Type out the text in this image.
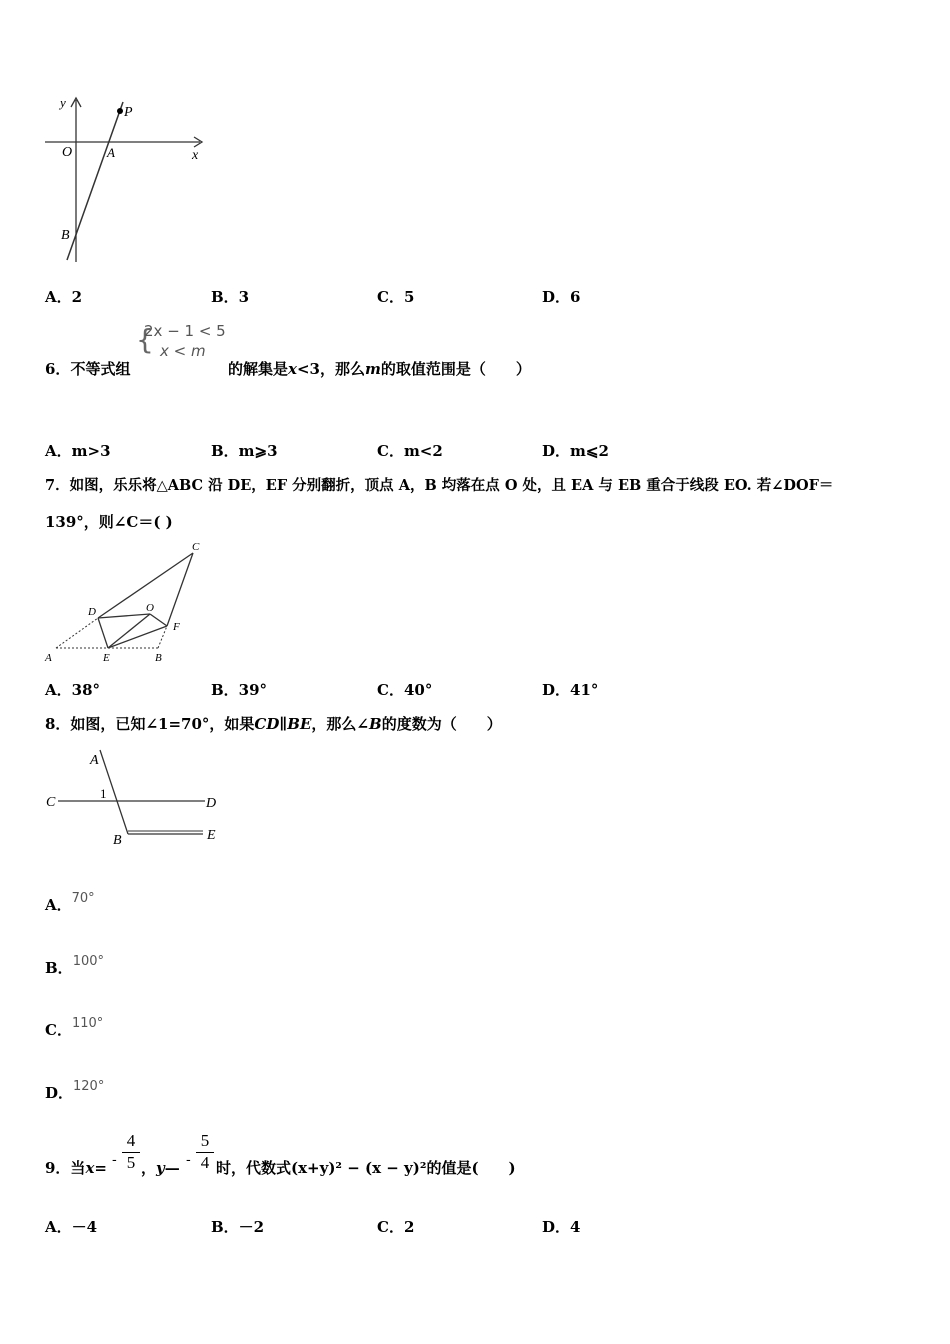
y
P
O	A	x
B
A．2	B．3	C．5	D．6
6．不等式组
{
2x − 1 < 5
x < m
的解集是x<3，那么m的取值范围是（　　）
A．m>3	B．m⩾3	C．m<2	D．m⩽2
7．如图，乐乐将△ABC 沿 DE，EF 分别翻折，顶点 A，B 均落在点 O 处，且 EA 与 EB 重合于线段 EO. 若∠DOF＝
139°，则∠C＝( )
C
D	O
F
A	E	B
A．38°	B．39°	C．40°	D．41°
8．如图，已知∠1=70°，如果CD∥BE，那么∠B的度数为（　　）
A
1
C	D
B	E
A．70°
B．100°
C．110°
D．120°
9．当$x= - \frac{4}{5}$ ，y— - $\frac{5}{4}$ 时，代数式(x+y)² − (x − y)²的值是(　　)
A．－4	B．－2	C．2	D．4
